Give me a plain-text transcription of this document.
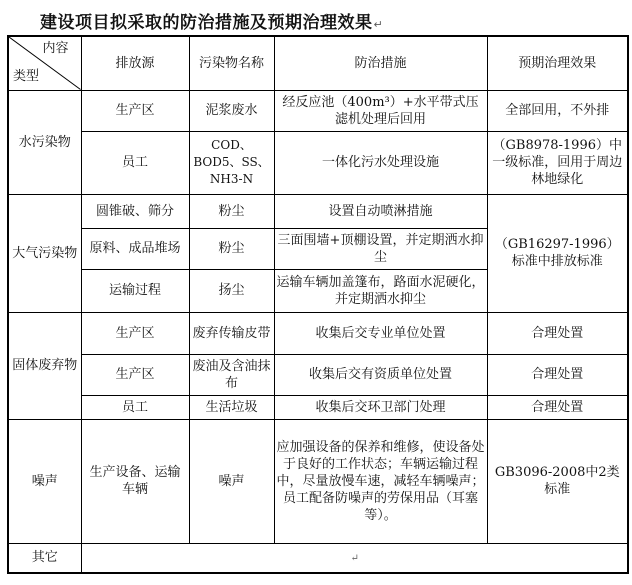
建设项目拟采取的防治措施及预期治理效果↵
内容
类型	排放源	污染物名称	防治措施	预期治理效果
水污染物	生产区	泥浆废水	经反应池（400m³）+水平带式压滤机处理后回用	全部回用，不外排
	员工	COD、BOD5、SS、NH3-N	一体化污水处理设施	（GB8978-1996）中一级标准，回用于周边林地绿化
大气污染物	圆锥破、筛分	粉尘	设置自动喷淋措施	（GB16297-1996）标准中排放标准
	原料、成品堆场	粉尘	三面围墙+顶棚设置，并定期洒水抑尘	
	运输过程	扬尘	运输车辆加盖篷布，路面水泥硬化，并定期洒水抑尘	
固体废弃物	生产区	废弃传输皮带	收集后交专业单位处置	合理处置
	生产区	废油及含油抹布	收集后交有资质单位处置	合理处置
	员工	生活垃圾	收集后交环卫部门处理	合理处置
噪声	生产设备、运输车辆	噪声	应加强设备的保养和维修，使设备处于良好的工作状态；车辆运输过程中，尽量放慢车速，减轻车辆噪声；员工配备防噪声的劳保用品（耳塞等）。	GB3096-2008中2类标准
其它	↵			
